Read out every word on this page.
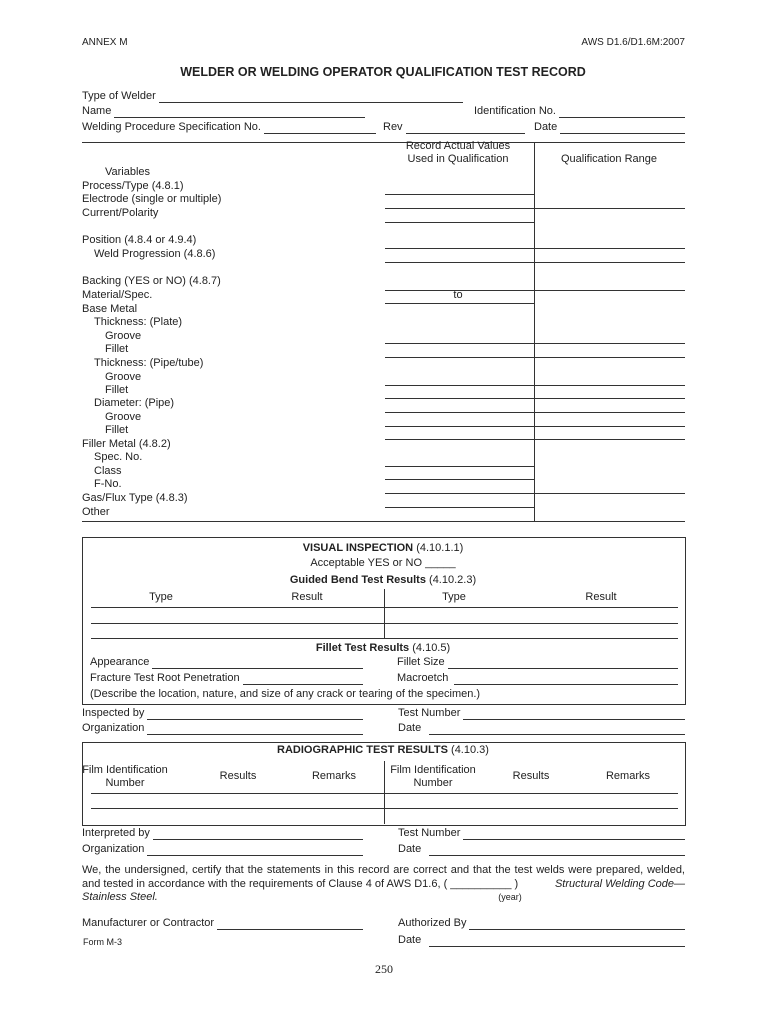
ANNEX M	AWS D1.6/D1.6M:2007
WELDER OR WELDING OPERATOR QUALIFICATION TEST RECORD
Type of Welder
Name	Identification No.
Welding Procedure Specification No.	Rev	Date
Record Actual Values
Used in Qualification	Qualification Range
to
Variables
Process/Type (4.8.1)
Electrode (single or multiple)
Current/Polarity
Position (4.8.4 or 4.9.4)
Weld Progression (4.8.6)
Backing (YES or NO) (4.8.7)
Material/Spec.
Base Metal
Thickness: (Plate)
Groove
Fillet
Thickness: (Pipe/tube)
Groove
Fillet
Diameter: (Pipe)
Groove
Fillet
Filler Metal (4.8.2)
Spec. No.
Class
F-No.
Gas/Flux Type (4.8.3)
Other
VISUAL INSPECTION (4.10.1.1)
Acceptable YES or NO _____
Guided Bend Test Results (4.10.2.3)
Type	Result	Type	Result
Fillet Test Results (4.10.5)
Appearance	Fillet Size
Fracture Test Root Penetration	Macroetch
(Describe the location, nature, and size of any crack or tearing of the specimen.)
Inspected by	Test Number
Organization	Date
RADIOGRAPHIC TEST RESULTS (4.10.3)
Film Identification
Number
Results	Remarks	Film Identification
Number
Results	Remarks
Interpreted by	Test Number
Organization	Date
We, the undersigned, certify that the statements in this record are correct and that the test welds were prepared, welded,
and tested in accordance with the requirements of Clause 4 of AWS D1.6, ( __________ )	Structural Welding Code—
Stainless Steel.	(year)
Manufacturer or Contractor	Authorized By
Form M-3	Date
250
